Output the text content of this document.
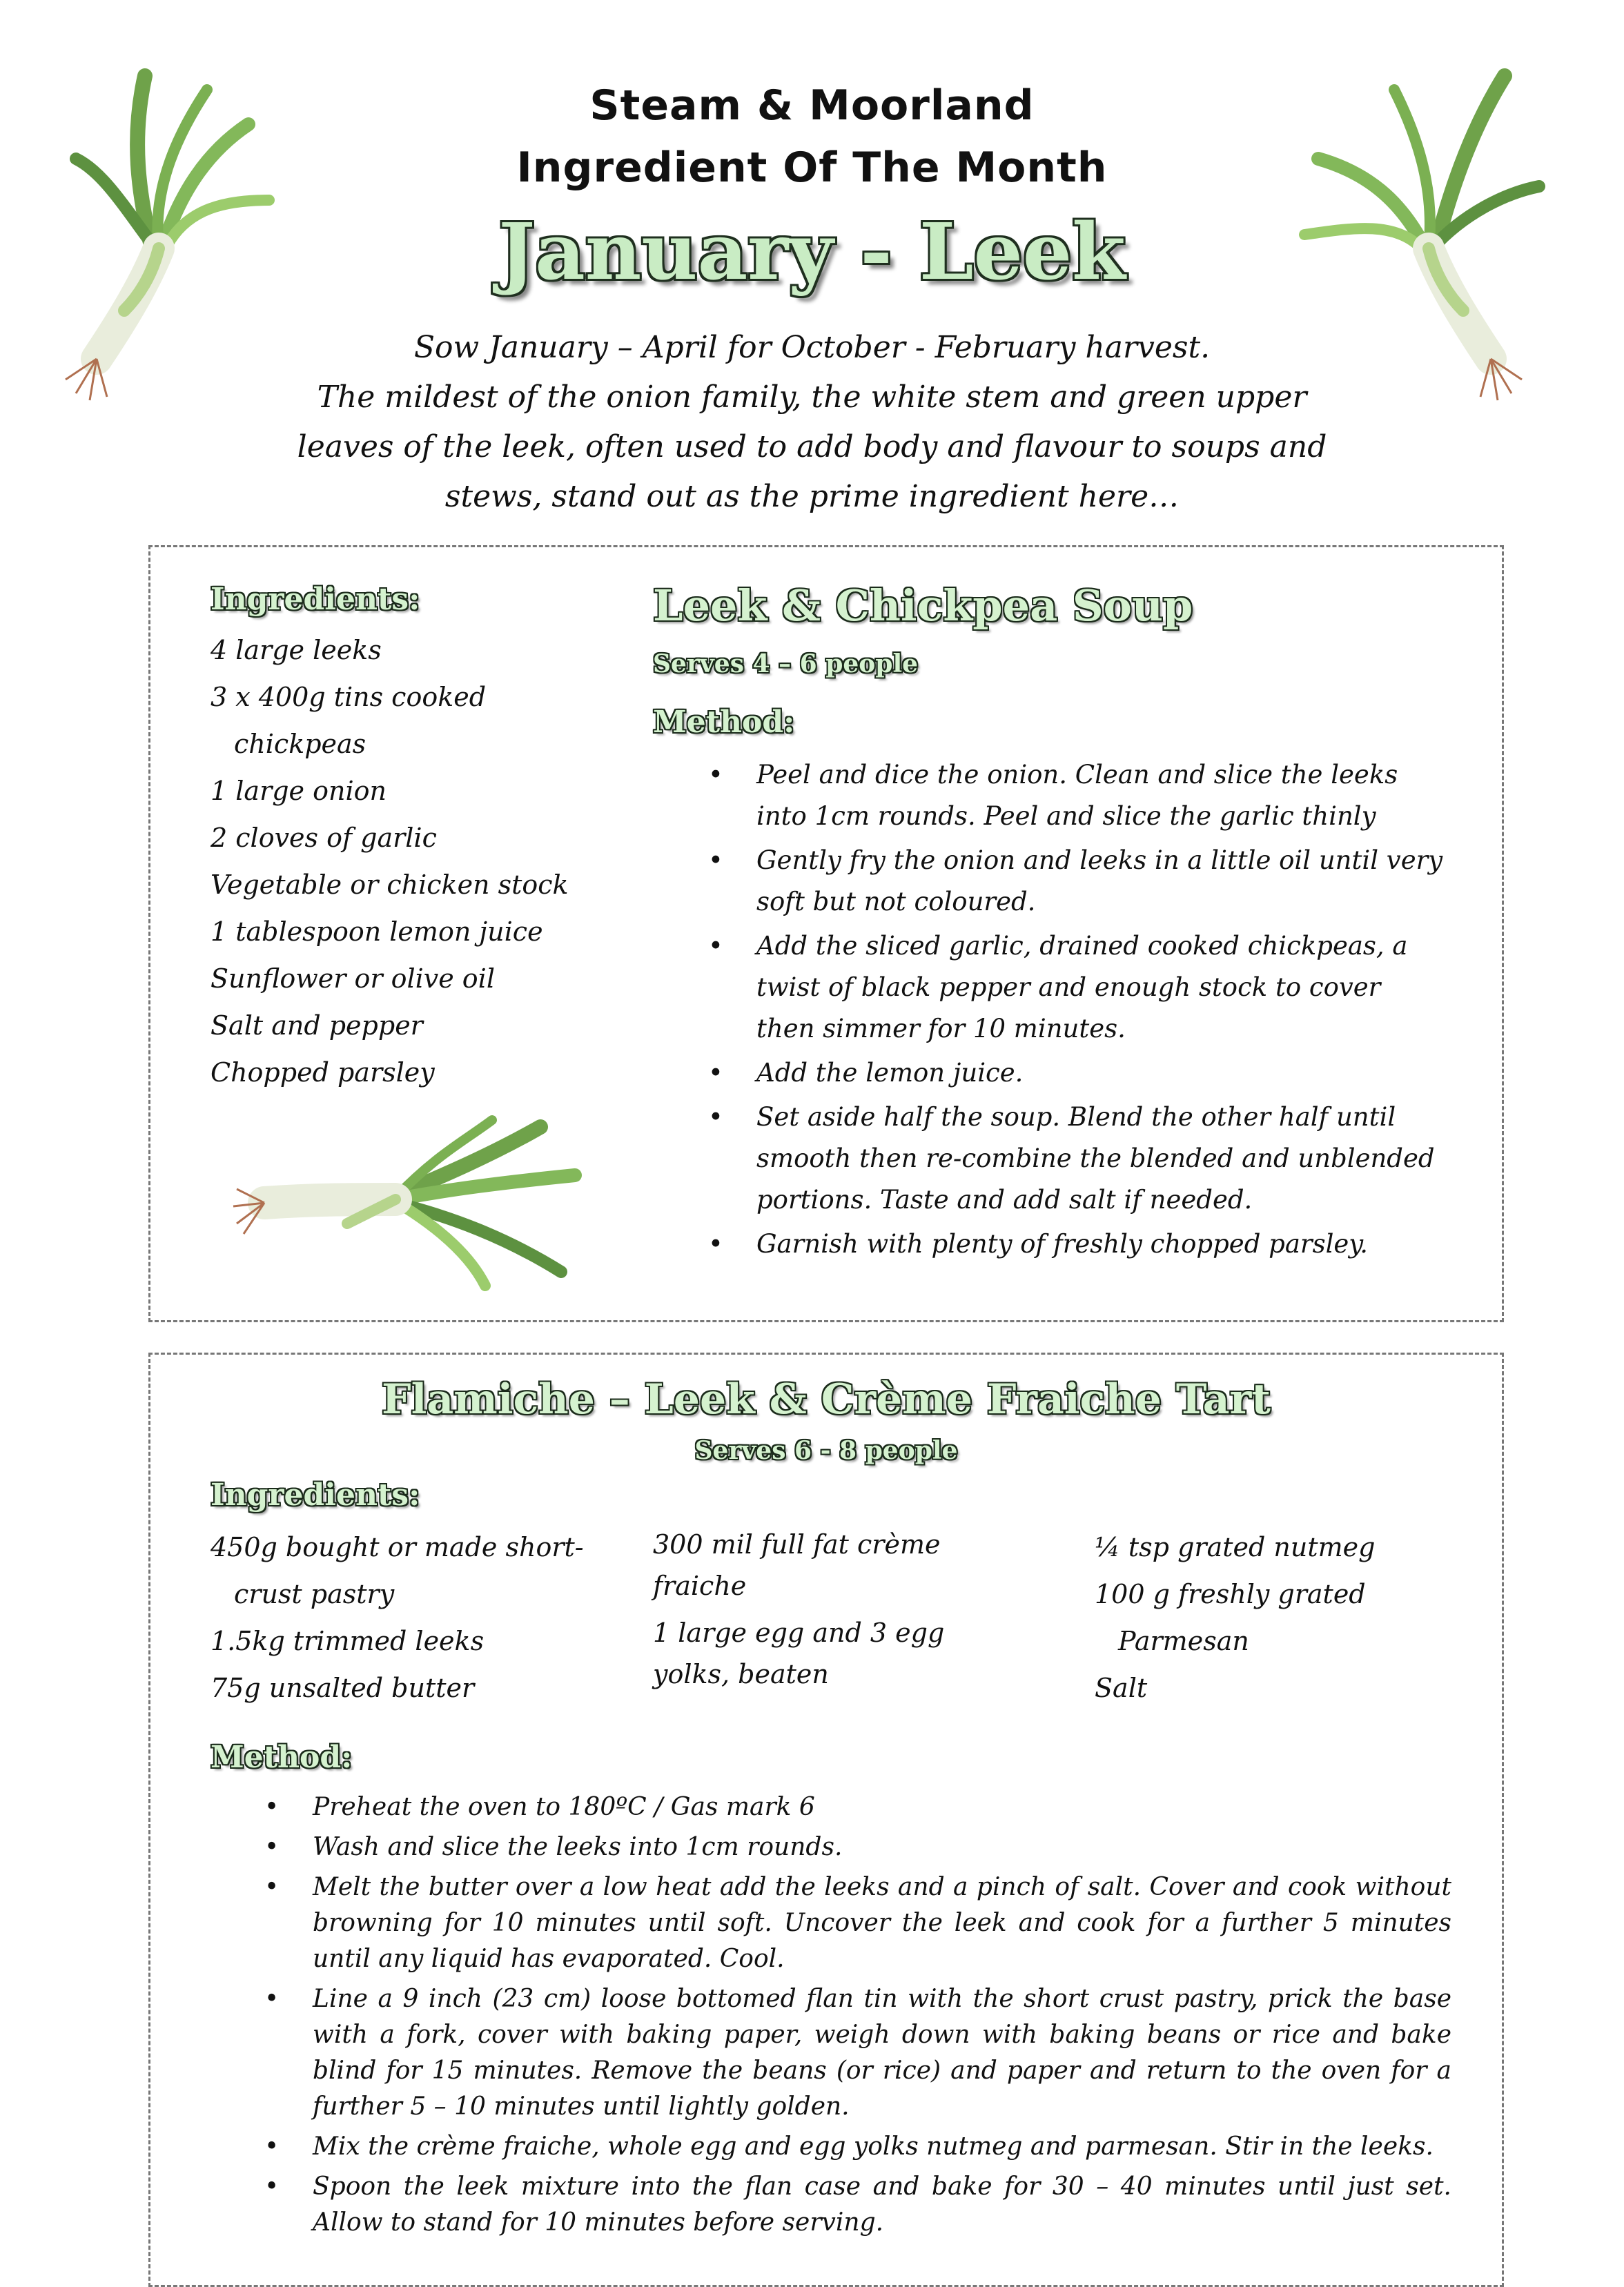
Steam & Moorland
Ingredient Of The Month
January - Leek
Sow January – April for October - February harvest.
The mildest of the onion family, the white stem and green upper leaves of the leek, often used to add body and flavour to soups and stews, stand out as the prime ingredient here…
Ingredients:
4 large leeks
3 x 400g tins cooked chickpeas
1 large onion
2 cloves of garlic
Vegetable or chicken stock
1 tablespoon lemon juice
Sunflower or olive oil
Salt and pepper
Chopped parsley
Leek & Chickpea Soup
Serves 4 – 6 people
Method:
• Peel and dice the onion. Clean and slice the leeks into 1cm rounds. Peel and slice the garlic thinly
• Gently fry the onion and leeks in a little oil until very soft but not coloured.
• Add the sliced garlic, drained cooked chickpeas, a twist of black pepper and enough stock to cover then simmer for 10 minutes.
• Add the lemon juice.
• Set aside half the soup. Blend the other half until smooth then re-combine the blended and unblended portions. Taste and add salt if needed.
• Garnish with plenty of freshly chopped parsley.
Flamiche – Leek & Crème Fraiche Tart
Serves 6 - 8 people
Ingredients:
450g bought or made short-crust pastry
1.5kg trimmed leeks
75g unsalted butter
300 mil full fat crème fraiche
1 large egg and 3 egg yolks, beaten
¼ tsp grated nutmeg
100 g freshly grated Parmesan
Salt
Method:
• Preheat the oven to 180ºC / Gas mark 6
• Wash and slice the leeks into 1cm rounds.
• Melt the butter over a low heat add the leeks and a pinch of salt. Cover and cook without browning for 10 minutes until soft. Uncover the leek and cook for a further 5 minutes until any liquid has evaporated. Cool.
• Line a 9 inch (23 cm) loose bottomed flan tin with the short crust pastry, prick the base with a fork, cover with baking paper, weigh down with baking beans or rice and bake blind for 15 minutes. Remove the beans (or rice) and paper and return to the oven for a further 5 – 10 minutes until lightly golden.
• Mix the crème fraiche, whole egg and egg yolks nutmeg and parmesan. Stir in the leeks.
• Spoon the leek mixture into the flan case and bake for 30 – 40 minutes until just set. Allow to stand for 10 minutes before serving.
